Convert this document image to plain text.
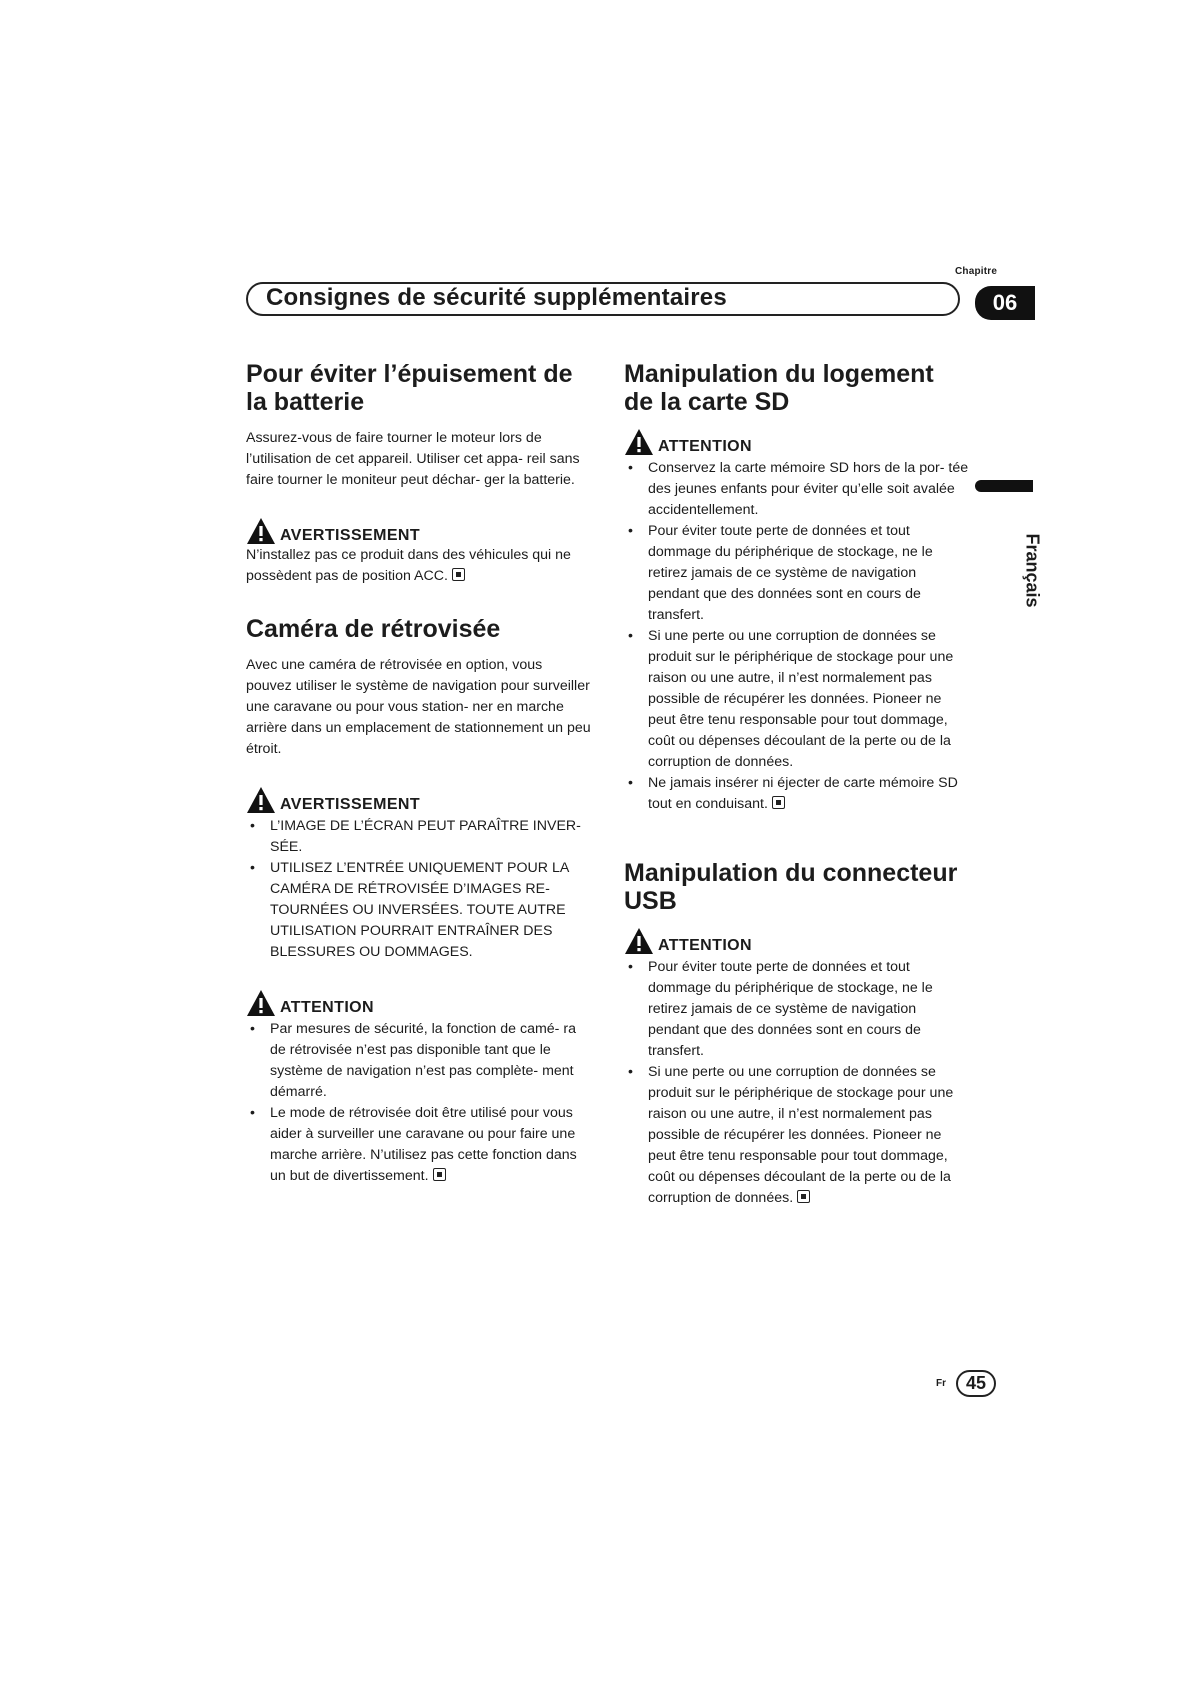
Chapitre
Consignes de sécurité supplémentaires	06
Français
Pour éviter l’épuisement de la batterie

Assurez-vous de faire tourner le moteur lors de l’utilisation de cet appareil. Utiliser cet appa- reil sans faire tourner le moniteur peut déchar- ger la batterie.

AVERTISSEMENT

N’installez pas ce produit dans des véhicules qui ne possèdent pas de position ACC.

Caméra de rétrovisée

Avec une caméra de rétrovisée en option, vous pouvez utiliser le système de navigation pour surveiller une caravane ou pour vous station- ner en marche arrière dans un emplacement de stationnement un peu étroit.

AVERTISSEMENT
• L’IMAGE DE L’ÉCRAN PEUT PARAÎTRE INVER- SÉE.
• UTILISEZ L’ENTRÉE UNIQUEMENT POUR LA CAMÉRA DE RÉTROVISÉE D’IMAGES RE- TOURNÉES OU INVERSÉES. TOUTE AUTRE UTILISATION POURRAIT ENTRAÎNER DES BLESSURES OU DOMMAGES.
ATTENTION
• Par mesures de sécurité, la fonction de camé- ra de rétrovisée n’est pas disponible tant que le système de navigation n’est pas complète- ment démarré.
• Le mode de rétrovisée doit être utilisé pour vous aider à surveiller une caravane ou pour faire une marche arrière. N’utilisez pas cette fonction dans un but de divertissement.
Manipulation du logement de la carte SD
ATTENTION
• Conservez la carte mémoire SD hors de la por- tée des jeunes enfants pour éviter qu’elle soit avalée accidentellement.
• Pour éviter toute perte de données et tout dommage du périphérique de stockage, ne le retirez jamais de ce système de navigation pendant que des données sont en cours de transfert.
• Si une perte ou une corruption de données se produit sur le périphérique de stockage pour une raison ou une autre, il n’est normalement pas possible de récupérer les données. Pioneer ne peut être tenu responsable pour tout dommage, coût ou dépenses découlant de la perte ou de la corruption de données.
• Ne jamais insérer ni éjecter de carte mémoire SD tout en conduisant.
Manipulation du connecteur USB
ATTENTION
• Pour éviter toute perte de données et tout dommage du périphérique de stockage, ne le retirez jamais de ce système de navigation pendant que des données sont en cours de transfert.
• Si une perte ou une corruption de données se produit sur le périphérique de stockage pour une raison ou une autre, il n’est normalement pas possible de récupérer les données. Pioneer ne peut être tenu responsable pour tout dommage, coût ou dépenses découlant de la perte ou de la corruption de données.
Fr	45
